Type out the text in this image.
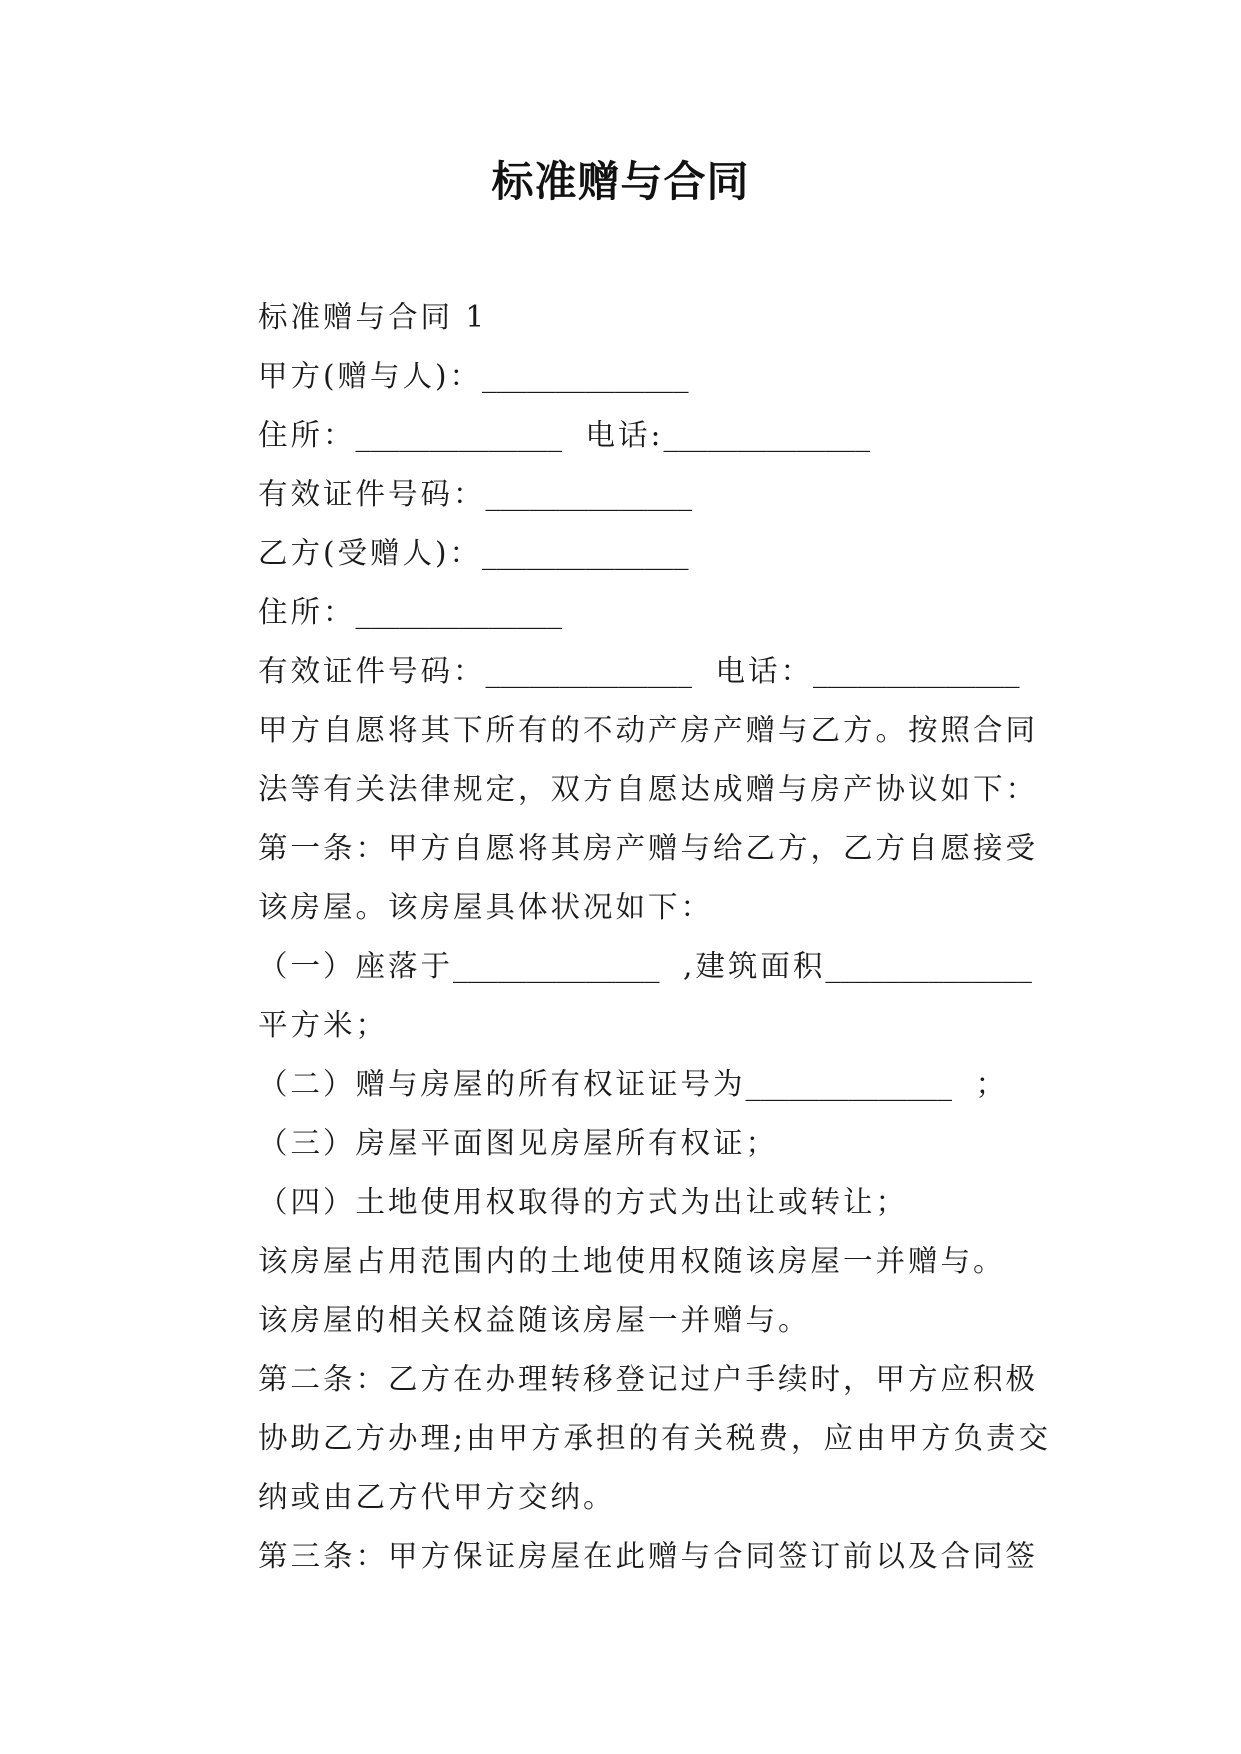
标准赠与合同

标准赠与合同 1

甲方(赠与人)：______________

住所：______________ 电话:______________

有效证件号码：______________

乙方(受赠人)：______________

住所：______________

有效证件号码：______________ 电话：______________

甲方自愿将其下所有的不动产房产赠与乙方。按照合同法等有关法律规定，双方自愿达成赠与房产协议如下：

第一条：甲方自愿将其房产赠与给乙方，乙方自愿接受该房屋。该房屋具体状况如下：

（一）座落于______________ ,建筑面积______________平方米；

（二）赠与房屋的所有权证证号为______________ ；

（三）房屋平面图见房屋所有权证；

（四）土地使用权取得的方式为出让或转让；

该房屋占用范围内的土地使用权随该房屋一并赠与。

该房屋的相关权益随该房屋一并赠与。

第二条：乙方在办理转移登记过户手续时，甲方应积极协助乙方办理;由甲方承担的有关税费，应由甲方负责交纳或由乙方代甲方交纳。

第三条：甲方保证房屋在此赠与合同签订前以及合同签
